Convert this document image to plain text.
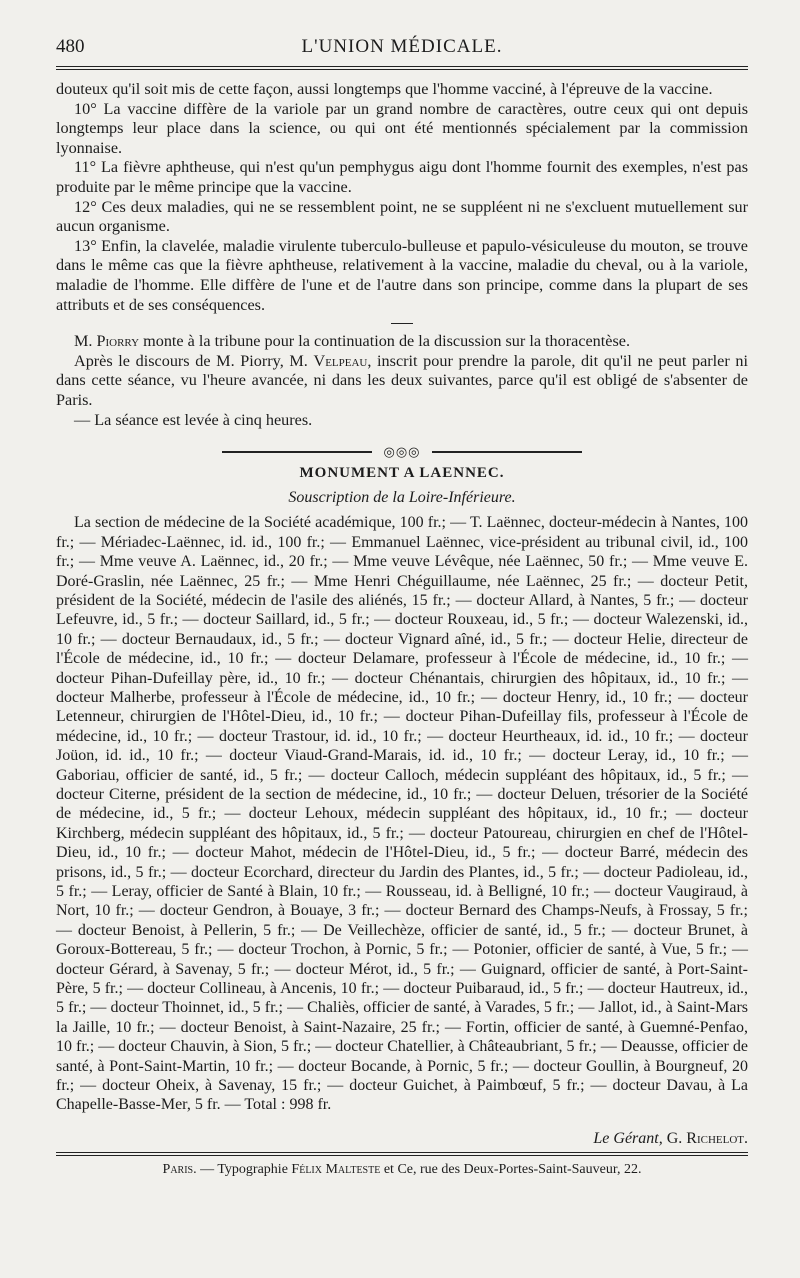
480	L'UNION MÉDICALE.

douteux qu'il soit mis de cette façon, aussi longtemps que l'homme vacciné, à l'épreuve de la vaccine.

10° La vaccine diffère de la variole par un grand nombre de caractères, outre ceux qui ont depuis longtemps leur place dans la science, ou qui ont été mentionnés spécialement par la commission lyonnaise.

11° La fièvre aphtheuse, qui n'est qu'un pemphygus aigu dont l'homme fournit des exemples, n'est pas produite par le même principe que la vaccine.

12° Ces deux maladies, qui ne se ressemblent point, ne se suppléent ni ne s'excluent mutuellement sur aucun organisme.

13° Enfin, la clavelée, maladie virulente tuberculo-bulleuse et papulo-vésiculeuse du mouton, se trouve dans le même cas que la fièvre aphtheuse, relativement à la vaccine, maladie du cheval, ou à la variole, maladie de l'homme. Elle diffère de l'une et de l'autre dans son principe, comme dans la plupart de ses attributs et de ses conséquences.

M. Piorry monte à la tribune pour la continuation de la discussion sur la thoracentèse.

Après le discours de M. Piorry, M. Velpeau, inscrit pour prendre la parole, dit qu'il ne peut parler ni dans cette séance, vu l'heure avancée, ni dans les deux suivantes, parce qu'il est obligé de s'absenter de Paris.

— La séance est levée à cinq heures.

◎◎◎
MONUMENT A LAENNEC.
Souscription de la Loire-Inférieure.

La section de médecine de la Société académique, 100 fr.; — T. Laënnec, docteur-médecin à Nantes, 100 fr.; — Mériadec-Laënnec, id. id., 100 fr.; — Emmanuel Laënnec, vice-président au tribunal civil, id., 100 fr.; — Mme veuve A. Laënnec, id., 20 fr.; — Mme veuve Lévêque, née Laënnec, 50 fr.; — Mme veuve E. Doré-Graslin, née Laënnec, 25 fr.; — Mme Henri Chéguillaume, née Laënnec, 25 fr.; — docteur Petit, président de la Société, médecin de l'asile des aliénés, 15 fr.; — docteur Allard, à Nantes, 5 fr.; — docteur Lefeuvre, id., 5 fr.; — docteur Saillard, id., 5 fr.; — docteur Rouxeau, id., 5 fr.; — docteur Walezenski, id., 10 fr.; — docteur Bernaudaux, id., 5 fr.; — docteur Vignard aîné, id., 5 fr.; — docteur Helie, directeur de l'École de médecine, id., 10 fr.; — docteur Delamare, professeur à l'École de médecine, id., 10 fr.; — docteur Pihan-Dufeillay père, id., 10 fr.; — docteur Chénantais, chirurgien des hôpitaux, id., 10 fr.; — docteur Malherbe, professeur à l'École de médecine, id., 10 fr.; — docteur Henry, id., 10 fr.; — docteur Letenneur, chirurgien de l'Hôtel-Dieu, id., 10 fr.; — docteur Pihan-Dufeillay fils, professeur à l'École de médecine, id., 10 fr.; — docteur Trastour, id. id., 10 fr.; — docteur Heurtheaux, id. id., 10 fr.; — docteur Joüon, id. id., 10 fr.; — docteur Viaud-Grand-Marais, id. id., 10 fr.; — docteur Leray, id., 10 fr.; — Gaboriau, officier de santé, id., 5 fr.; — docteur Calloch, médecin suppléant des hôpitaux, id., 5 fr.; — docteur Citerne, président de la section de médecine, id., 10 fr.; — docteur Deluen, trésorier de la Société de médecine, id., 5 fr.; — docteur Lehoux, médecin suppléant des hôpitaux, id., 10 fr.; — docteur Kirchberg, médecin suppléant des hôpitaux, id., 5 fr.; — docteur Patoureau, chirurgien en chef de l'Hôtel-Dieu, id., 10 fr.; — docteur Mahot, médecin de l'Hôtel-Dieu, id., 5 fr.; — docteur Barré, médecin des prisons, id., 5 fr.; — docteur Ecorchard, directeur du Jardin des Plantes, id., 5 fr.; — docteur Padioleau, id., 5 fr.; — Leray, officier de Santé à Blain, 10 fr.; — Rousseau, id. à Belligné, 10 fr.; — docteur Vaugiraud, à Nort, 10 fr.; — docteur Gendron, à Bouaye, 3 fr.; — docteur Bernard des Champs-Neufs, à Frossay, 5 fr.; — docteur Benoist, à Pellerin, 5 fr.; — De Veillechèze, officier de santé, id., 5 fr.; — docteur Brunet, à Goroux-Bottereau, 5 fr.; — docteur Trochon, à Pornic, 5 fr.; — Potonier, officier de santé, à Vue, 5 fr.; — docteur Gérard, à Savenay, 5 fr.; — docteur Mérot, id., 5 fr.; — Guignard, officier de santé, à Port-Saint-Père, 5 fr.; — docteur Collineau, à Ancenis, 10 fr.; — docteur Puibaraud, id., 5 fr.; — docteur Hautreux, id., 5 fr.; — docteur Thoinnet, id., 5 fr.; — Chaliès, officier de santé, à Varades, 5 fr.; — Jallot, id., à Saint-Mars la Jaille, 10 fr.; — docteur Benoist, à Saint-Nazaire, 25 fr.; — Fortin, officier de santé, à Guemné-Penfao, 10 fr.; — docteur Chauvin, à Sion, 5 fr.; — docteur Chatellier, à Châteaubriant, 5 fr.; — Deausse, officier de santé, à Pont-Saint-Martin, 10 fr.; — docteur Bocande, à Pornic, 5 fr.; — docteur Goullin, à Bourgneuf, 20 fr.; — docteur Oheix, à Savenay, 15 fr.; — docteur Guichet, à Paimbœuf, 5 fr.; — docteur Davau, à La Chapelle-Basse-Mer, 5 fr. — Total : 998 fr.

Le Gérant, G. Richelot.
Paris. — Typographie Félix Malteste et Ce, rue des Deux-Portes-Saint-Sauveur, 22.
